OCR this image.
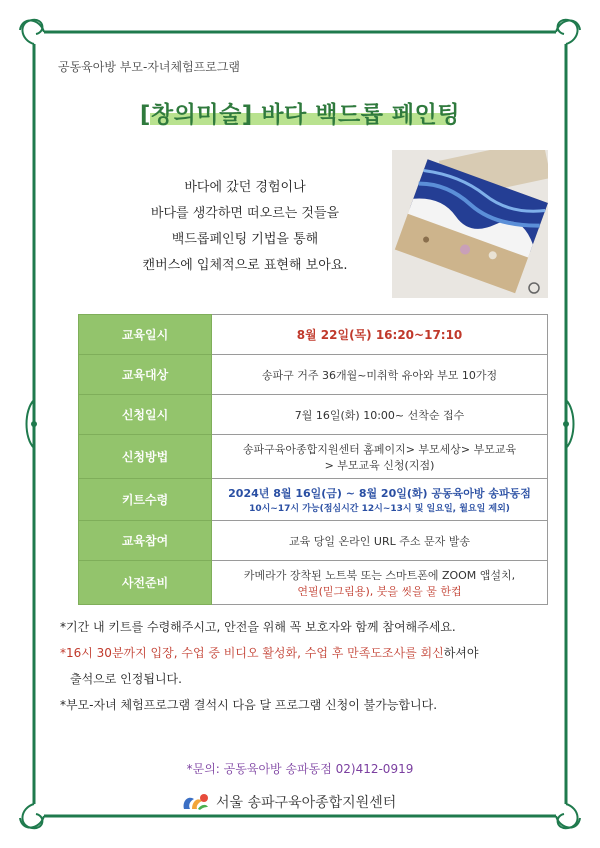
공동육아방 부모-자녀체험프로그램
[창의미술] 바다 백드롭 페인팅
바다에 갔던 경험이나
바다를 생각하면 떠오르는 것들을
백드롭페인팅 기법을 통해
캔버스에 입체적으로 표현해 보아요.
교육일시	8월 22일(목) 16:20~17:10
교육대상	송파구 거주 36개월~미취학 유아와 부모 10가정
신청일시	7월 16일(화) 10:00~ 선착순 접수
신청방법	송파구육아종합지원센터 홈페이지> 부모세상> 부모교육
> 부모교육 신청(지점)

키트수령	2024년 8월 16일(금) ~ 8월 20일(화) 공동육아방 송파동점
10시~17시 가능(점심시간 12시~13시 및 일요일, 월요일 제외)

교육참여	교육 당일 온라인 URL 주소 문자 발송
사전준비	카메라가 장착된 노트북 또는 스마트폰에 ZOOM 앱설치,
연필(밑그림용), 붓을 씻을 물 한컵

*기간 내 키트를 수령해주시고, 안전을 위해 꼭 보호자와 함께 참여해주세요.

*16시 30분까지 입장, 수업 중 비디오 활성화, 수업 후 만족도조사를 회신하셔야

출석으로 인정됩니다.

*부모-자녀 체험프로그램 결석시 다음 달 프로그램 신청이 불가능합니다.

*문의: 공동육아방 송파동점 02)412-0919
서울 송파구육아종합지원센터
